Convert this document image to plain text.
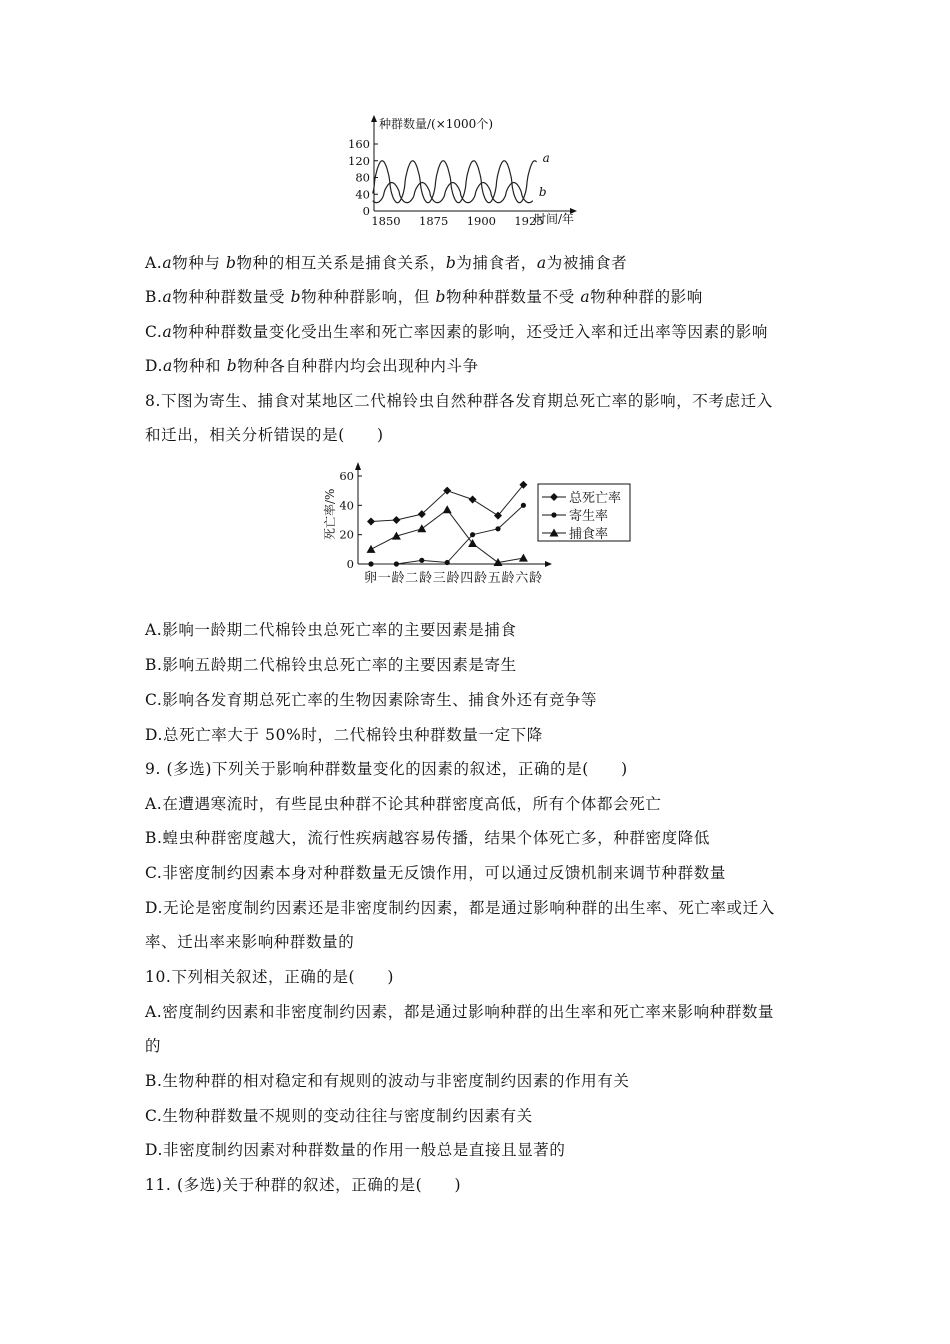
种群数量/(×1000个)
时间/年
0
40
80
120
160
1850 1875 1900 1925
a
b
死亡率/%
0
20
40
60
卵一龄二龄三龄四龄五龄六龄
总死亡率
寄生率
捕食率
A.a物种与 b物种的相互关系是捕食关系，b为捕食者，a为被捕食者
B.a物种种群数量受 b物种种群影响，但 b物种种群数量不受 a物种种群的影响
C.a物种种群数量变化受出生率和死亡率因素的影响，还受迁入率和迁出率等因素的影响
D.a物种和 b物种各自种群内均会出现种内斗争
8.下图为寄生、捕食对某地区二代棉铃虫自然种群各发育期总死亡率的影响，不考虑迁入
和迁出，相关分析错误的是(　　)
A.影响一龄期二代棉铃虫总死亡率的主要因素是捕食
B.影响五龄期二代棉铃虫总死亡率的主要因素是寄生
C.影响各发育期总死亡率的生物因素除寄生、捕食外还有竞争等
D.总死亡率大于 50%时，二代棉铃虫种群数量一定下降
9. (多选)下列关于影响种群数量变化的因素的叙述，正确的是(　　)
A.在遭遇寒流时，有些昆虫种群不论其种群密度高低，所有个体都会死亡
B.蝗虫种群密度越大，流行性疾病越容易传播，结果个体死亡多，种群密度降低
C.非密度制约因素本身对种群数量无反馈作用，可以通过反馈机制来调节种群数量
D.无论是密度制约因素还是非密度制约因素，都是通过影响种群的出生率、死亡率或迁入
率、迁出率来影响种群数量的
10.下列相关叙述，正确的是(　　)
A.密度制约因素和非密度制约因素，都是通过影响种群的出生率和死亡率来影响种群数量
的
B.生物种群的相对稳定和有规则的波动与非密度制约因素的作用有关
C.生物种群数量不规则的变动往往与密度制约因素有关
D.非密度制约因素对种群数量的作用一般总是直接且显著的
11. (多选)关于种群的叙述，正确的是(　　)
